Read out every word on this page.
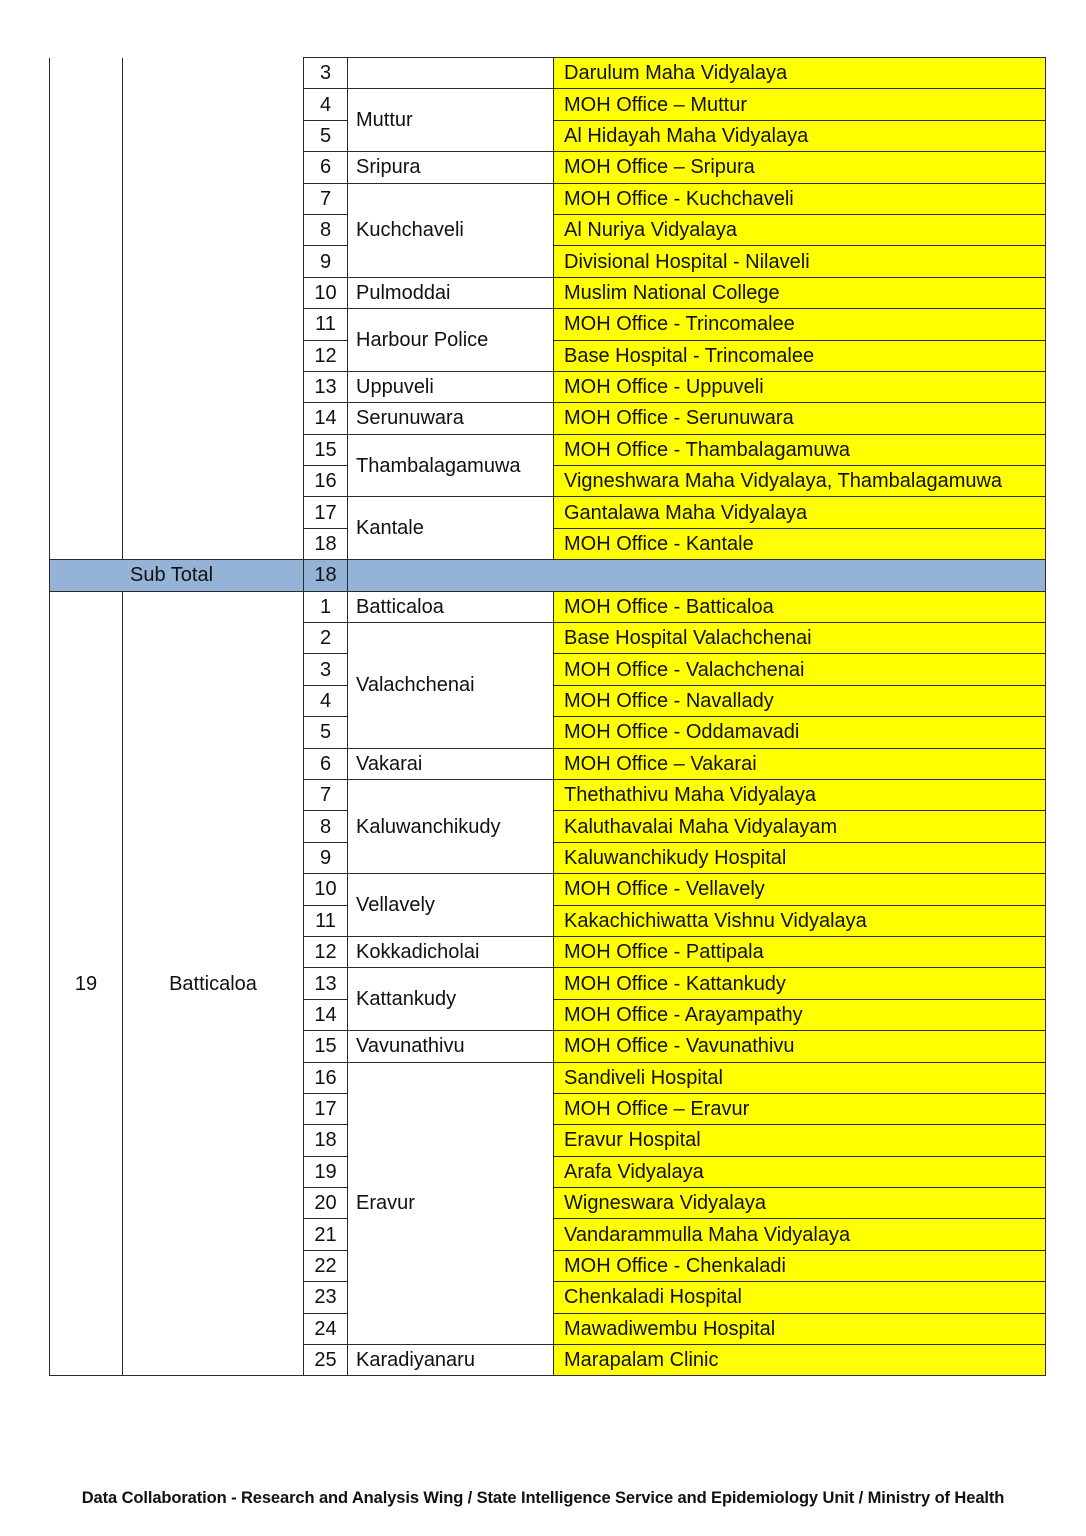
		3		Darulum Maha Vidyalaya
		4	Muttur	MOH Office – Muttur
		5		Al Hidayah Maha Vidyalaya
		6	Sripura	MOH Office – Sripura
		7	Kuchchaveli	MOH Office - Kuchchaveli
		8		Al Nuriya Vidyalaya
		9		Divisional Hospital - Nilaveli
		10	Pulmoddai	Muslim National College
		11	Harbour Police	MOH Office - Trincomalee
		12		Base Hospital - Trincomalee
		13	Uppuveli	MOH Office - Uppuveli
		14	Serunuwara	MOH Office - Serunuwara
		15	Thambalagamuwa	MOH Office - Thambalagamuwa
		16		Vigneshwara Maha Vidyalaya, Thambalagamuwa
		17	Kantale	Gantalawa Maha Vidyalaya
		18		MOH Office - Kantale
Sub Total		18		
19	Batticaloa	1	Batticaloa	MOH Office - Batticaloa
		2	Valachchenai	Base Hospital Valachchenai
		3		MOH Office - Valachchenai
		4		MOH Office - Navallady
		5		MOH Office - Oddamavadi
		6	Vakarai	MOH Office – Vakarai
		7	Kaluwanchikudy	Thethathivu Maha Vidyalaya
		8		Kaluthavalai Maha Vidyalayam
		9		Kaluwanchikudy Hospital
		10	Vellavely	MOH Office - Vellavely
		11		Kakachichiwatta Vishnu Vidyalaya
		12	Kokkadicholai	MOH Office - Pattipala
		13	Kattankudy	MOH Office - Kattankudy
		14		MOH Office - Arayampathy
		15	Vavunathivu	MOH Office - Vavunathivu
		16	Eravur	Sandiveli Hospital
		17		MOH Office – Eravur
		18		Eravur Hospital
		19		Arafa Vidyalaya
		20		Wigneswara Vidyalaya
		21		Vandarammulla Maha Vidyalaya
		22		MOH Office - Chenkaladi
		23		Chenkaladi Hospital
		24		Mawadiwembu Hospital
		25	Karadiyanaru	Marapalam Clinic
Data Collaboration - Research and Analysis Wing / State Intelligence Service and Epidemiology Unit / Ministry of Health
